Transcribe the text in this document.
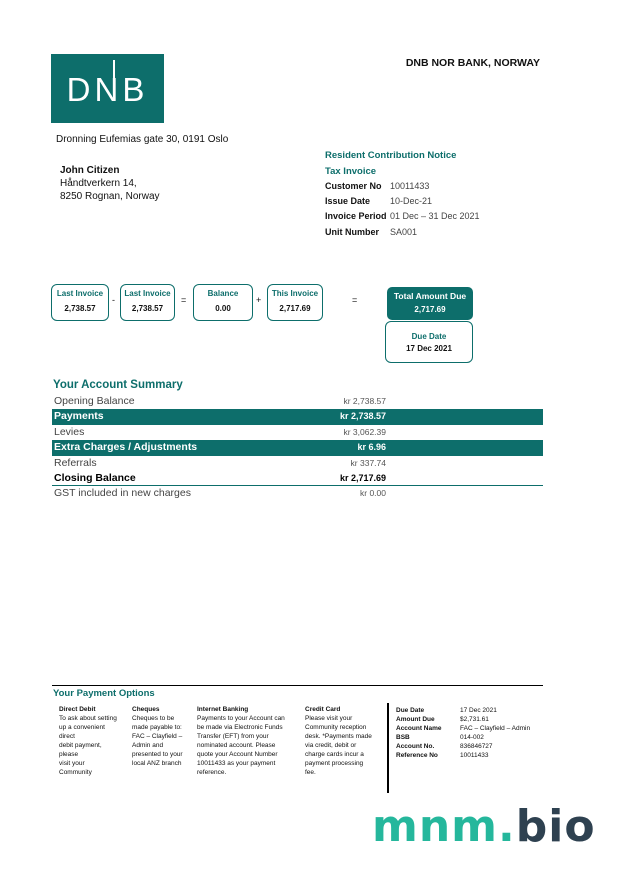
DNB
DNB NOR BANK, NORWAY
Dronning Eufemias gate 30, 0191 Oslo
John Citizen
Håndtverkern 14,
8250 Rognan, Norway
Resident Contribution Notice
Tax Invoice
Customer No 10011433
Issue Date 10-Dec-21
Invoice Period 01 Dec – 31 Dec 2021
Unit Number SA001
Last Invoice
2,738.57
-
Last Invoice
2,738.57
=
Balance
0.00
+
This Invoice
2,717.69
=	Total Amount Due
2,717.69
Due Date
17 Dec 2021
Your Account Summary
Opening Balance	kr 2,738.57
Payments	kr 2,738.57
Levies	kr 3,062.39
Extra Charges / Adjustments	kr 6.96
Referrals	kr 337.74
Closing Balance	kr 2,717.69
GST included in new charges	kr 0.00
Your Payment Options
Direct Debit
To ask about setting
up a convenient
direct
debit payment,
please
visit your
Community
Cheques
Cheques to be
made payable to:
FAC – Clayfield –
Admin and
presented to your
local ANZ branch
Internet Banking
Payments to your Account can
be made via Electronic Funds
Transfer (EFT) from your
nominated account. Please
quote your Account Number
10011433 as your payment
reference.
Credit Card
Please visit your
Community reception
desk. *Payments made
via credit, debit or
charge cards incur a
payment processing
fee.
Due Date	17 Dec 2021
Amount Due	$2,731.61
Account Name	FAC – Clayfield – Admin
BSB	014-002
Account No.	836846727
Reference No	10011433
mnm.bio
